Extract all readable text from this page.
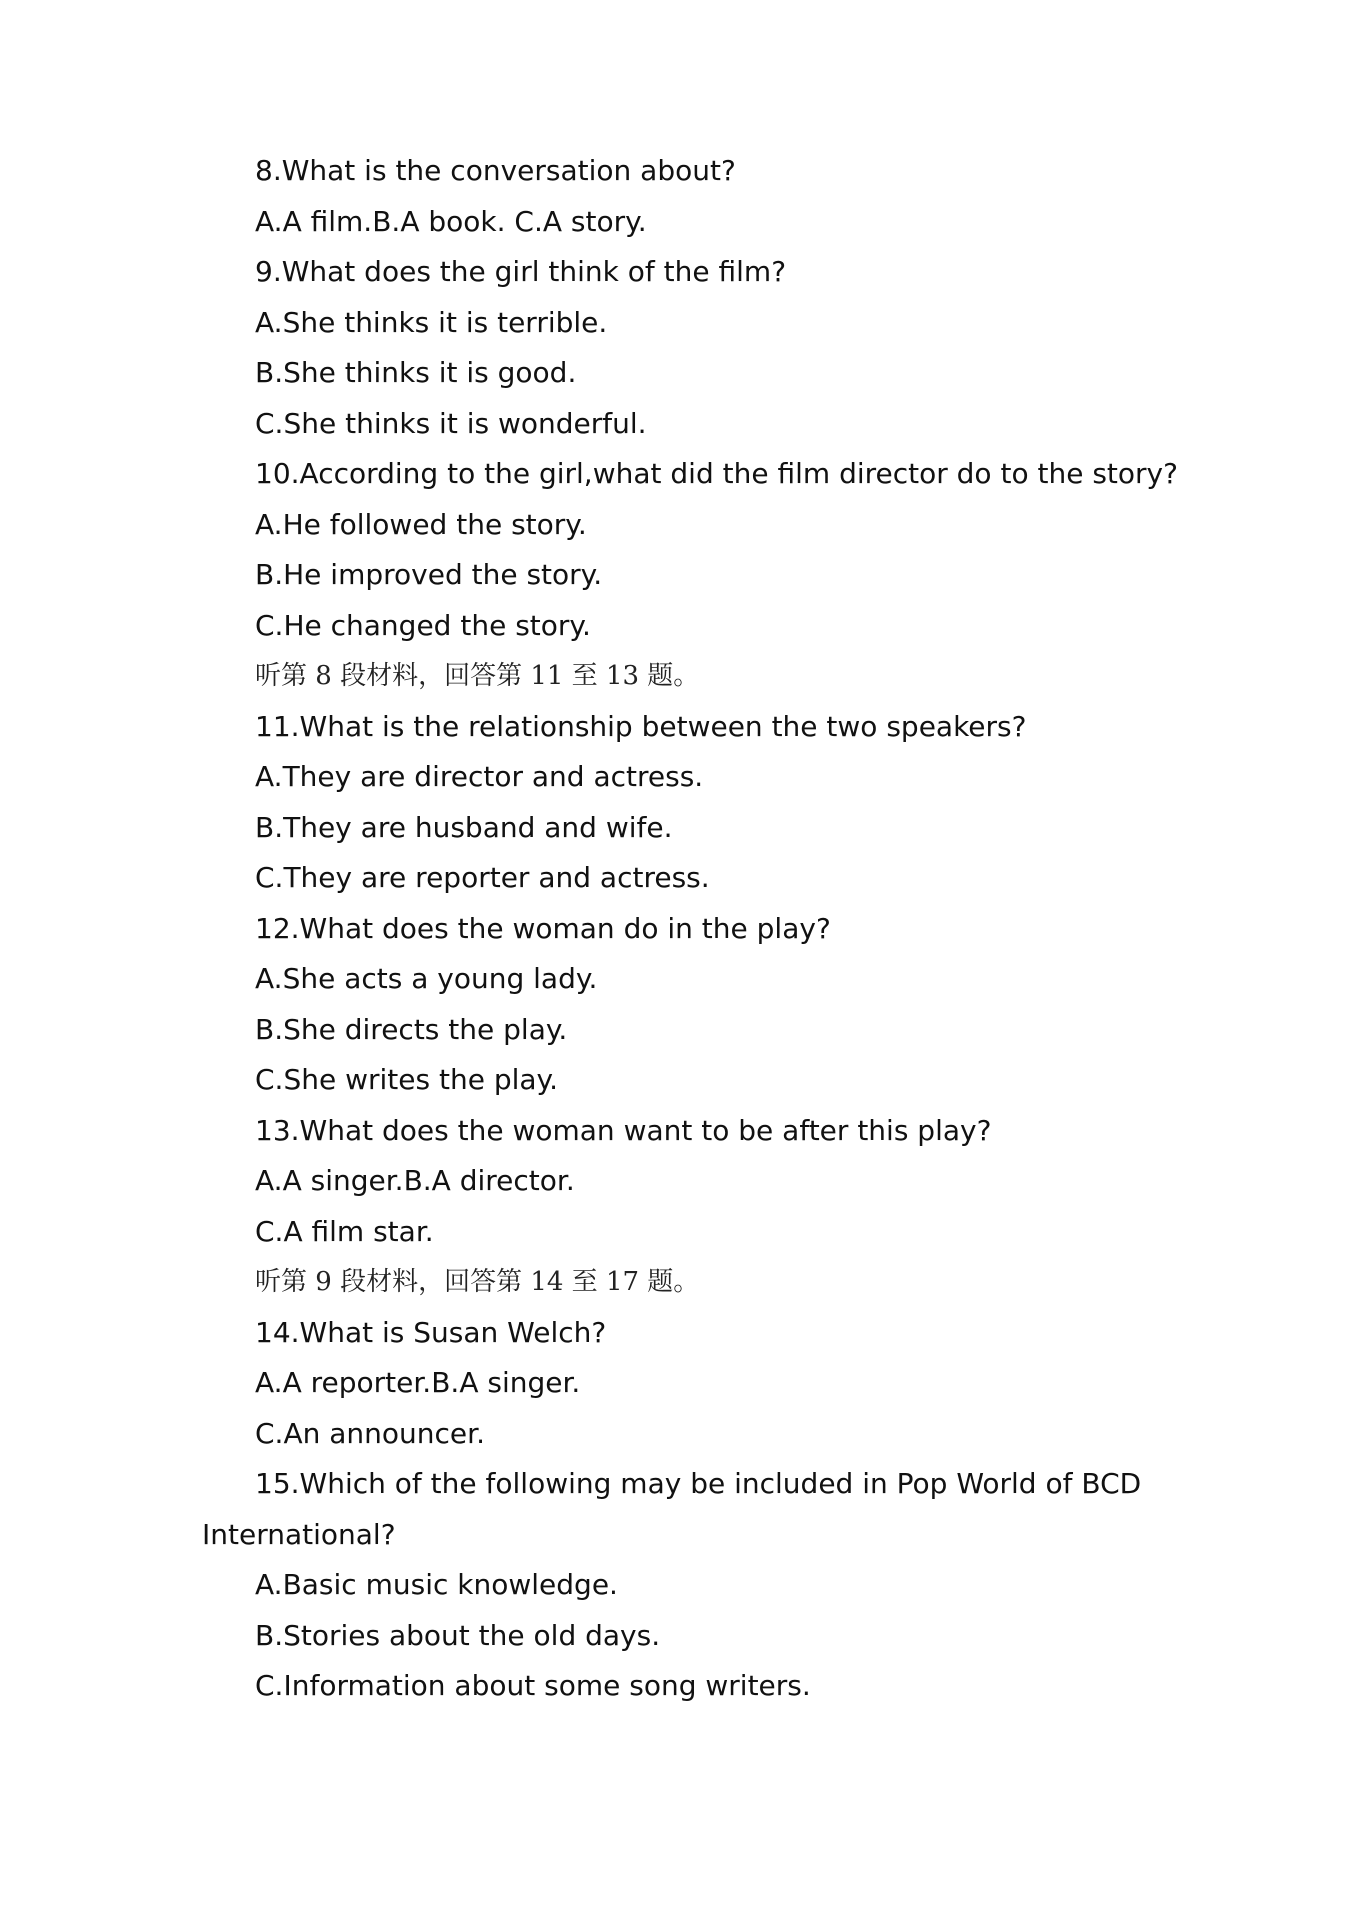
8.What is the conversation about?
A.A film.B.A book. C.A story.
9.What does the girl think of the film?
A.She thinks it is terrible.
B.She thinks it is good.
C.She thinks it is wonderful.
10.According to the girl,what did the film director do to the story?
A.He followed the story.
B.He improved the story.
C.He changed the story.
听第 8 段材料，回答第 11 至 13 题。
11.What is the relationship between the two speakers?
A.They are director and actress.
B.They are husband and wife.
C.They are reporter and actress.
12.What does the woman do in the play?
A.She acts a young lady.
B.She directs the play.
C.She writes the play.
13.What does the woman want to be after this play?
A.A singer.B.A director.
C.A film star.
听第 9 段材料，回答第 14 至 17 题。
14.What is Susan Welch?
A.A reporter.B.A singer.
C.An announcer.
15.Which of the following may be included in Pop World of BCD
International?
A.Basic music knowledge.
B.Stories about the old days.
C.Information about some song writers.
